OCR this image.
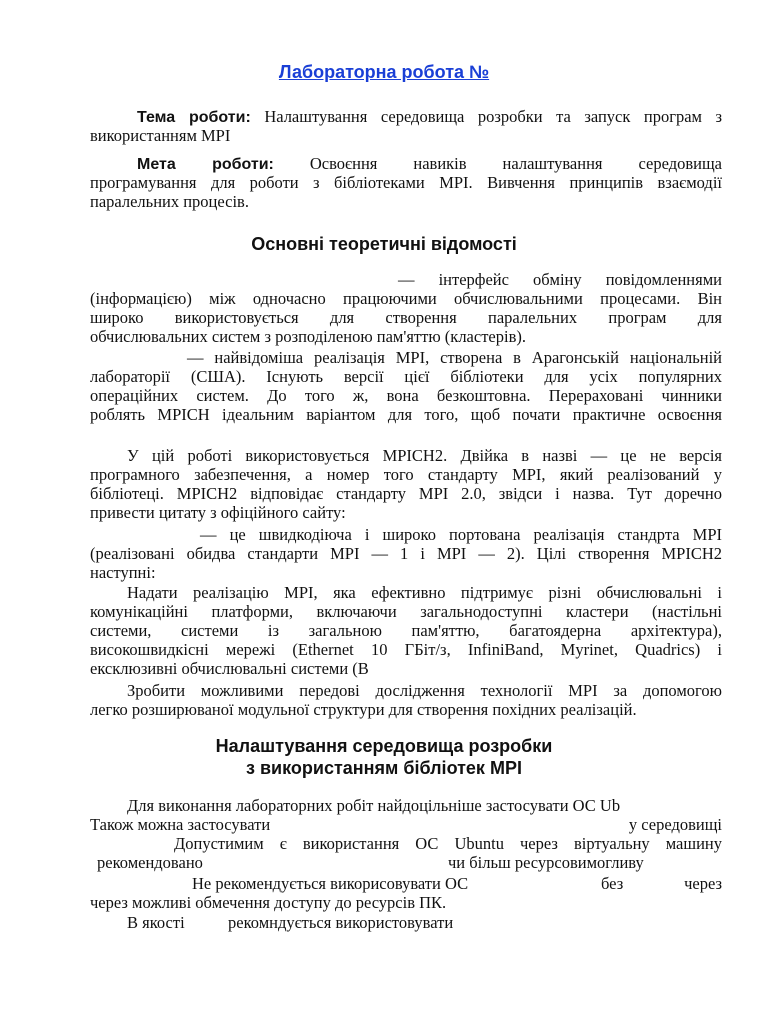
Лабораторна робота №
Тема роботи: Налаштування середовища розробки та запуск програм з
використанням MPI
Мета роботи: Освоєння навиків налаштування середовища
програмування для роботи з бібліотеками MPI. Вивчення принципів взаємодії
паралельних процесів.
Основні теоретичні відомості
— інтерфейс обміну повідомленнями
(інформацією) між одночасно працюючими обчислювальними процесами. Він
широко використовується для створення паралельних програм для
обчислювальних систем з розподіленою пам'яттю (кластерів).
— найвідоміша реалізація MPI, створена в Арагонській національній
лабораторії (США). Існують версії цієї бібліотеки для усіх популярних
операційних систем. До того ж, вона безкоштовна. Перераховані чинники
роблять MPICH ідеальним варіантом для того, щоб почати практичне освоєння
У цій роботі використовується MPICH2. Двійка в назві — це не версія
програмного забезпечення, а номер того стандарту MPI, який реалізований у
бібліотеці. MPICH2 відповідає стандарту MPI 2.0, звідси і назва. Тут доречно
привести цитату з офіційного сайту:
— це швидкодіюча і широко портована реалізація стандрта MPI
(реалізовані обидва стандарти MPI — 1 і MPI — 2). Цілі створення MPICH2
наступні:
Надати реалізацію MPI, яка ефективно підтримує різні обчислювальні і
комунікаційні платформи, включаючи загальнодоступні кластери (настільні
системи, системи із загальною пам'яттю, багатоядерна архітектура),
високошвидкісні мережі (Ethernet 10 ГБіт/з, InfiniBand, Myrinet, Quadrics) і
ексклюзивні обчислювальні системи (В
Зробити можливими передові дослідження технології MPI за допомогою
легко розширюваної модульної структури для створення похідних реалізацій.
Налаштування середовища розробки
з використанням бібліотек MPI
Для виконання лабораторних робіт найдоцільніше застосувати ОС Ub
Також можна застосувати	у середовищі
Допустимим є використання ОС Ubuntu через віртуальну машину
рекомендовано	чи більш ресурсовимогливу
Не рекомендується викорисовувати ОС	без	через
через можливі обмечення доступу до ресурсів ПК.
В якості	рекомндується використовувати
